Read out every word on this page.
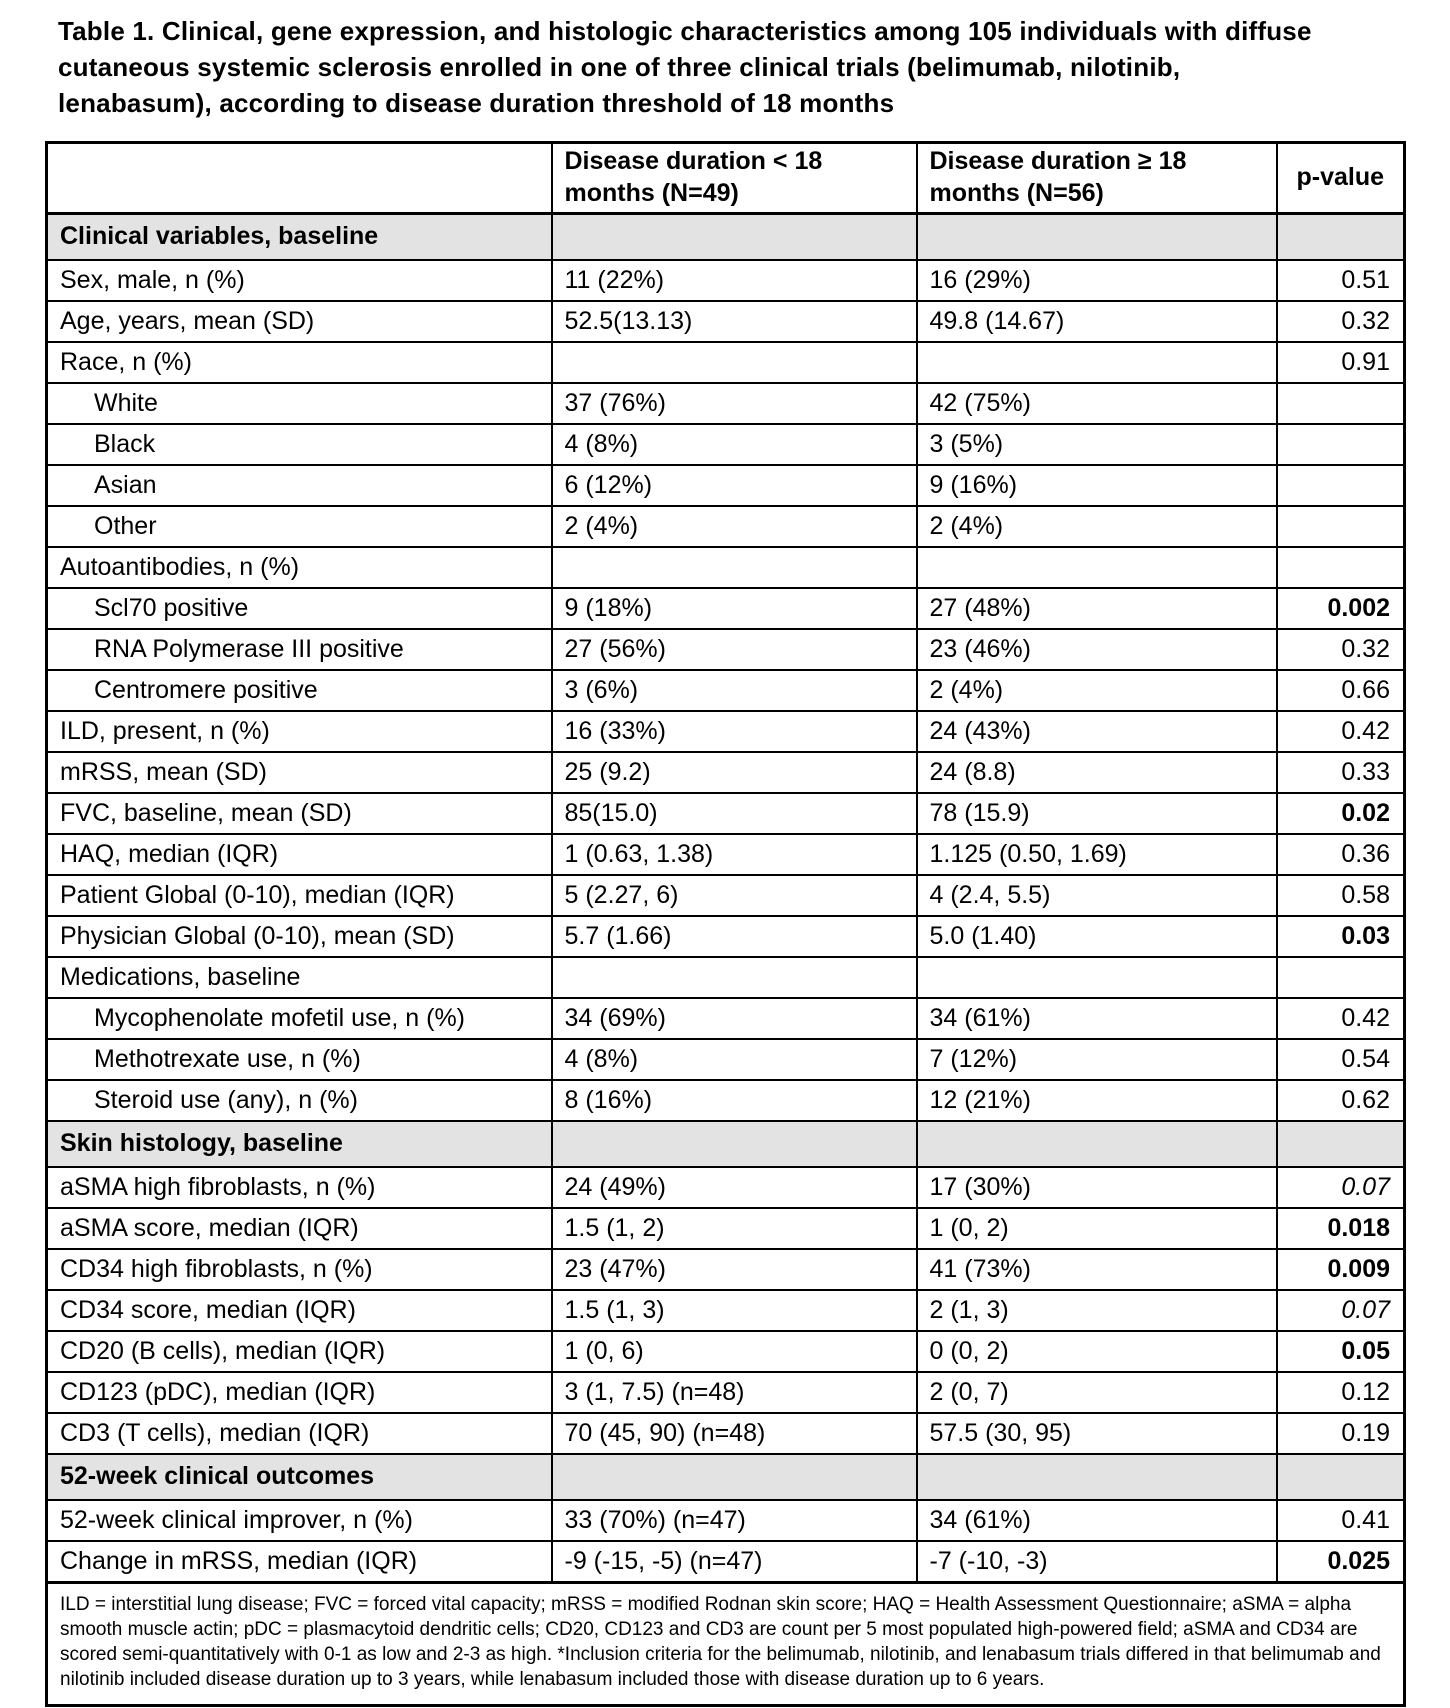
Table 1. Clinical, gene expression, and histologic characteristics among 105 individuals with diffuse cutaneous systemic sclerosis enrolled in one of three clinical trials (belimumab, nilotinib, lenabasum), according to disease duration threshold of 18 months
	Disease duration < 18 months (N=49)	Disease duration ≥ 18 months (N=56)	p-value
Clinical variables, baseline			
Sex, male, n (%)	11 (22%)	16 (29%)	0.51
Age, years, mean (SD)	52.5(13.13)	49.8 (14.67)	0.32
Race, n (%)			0.91
White	37 (76%)	42 (75%)	
Black	4 (8%)	3 (5%)	
Asian	6 (12%)	9 (16%)	
Other	2 (4%)	2 (4%)	
Autoantibodies, n (%)			
Scl70 positive	9 (18%)	27 (48%)	0.002
RNA Polymerase III positive	27 (56%)	23 (46%)	0.32
Centromere positive	3 (6%)	2 (4%)	0.66
ILD, present, n (%)	16 (33%)	24 (43%)	0.42
mRSS, mean (SD)	25 (9.2)	24 (8.8)	0.33
FVC, baseline, mean (SD)	85(15.0)	78 (15.9)	0.02
HAQ, median (IQR)	1 (0.63, 1.38)	1.125 (0.50, 1.69)	0.36
Patient Global (0-10), median (IQR)	5 (2.27, 6)	4 (2.4, 5.5)	0.58
Physician Global (0-10), mean (SD)	5.7 (1.66)	5.0 (1.40)	0.03
Medications, baseline			
Mycophenolate mofetil use, n (%)	34 (69%)	34 (61%)	0.42
Methotrexate use, n (%)	4 (8%)	7 (12%)	0.54
Steroid use (any), n (%)	8 (16%)	12 (21%)	0.62
Skin histology, baseline			
aSMA high fibroblasts, n (%)	24 (49%)	17 (30%)	0.07
aSMA score, median (IQR)	1.5 (1, 2)	1 (0, 2)	0.018
CD34 high fibroblasts, n (%)	23 (47%)	41 (73%)	0.009
CD34 score, median (IQR)	1.5 (1, 3)	2 (1, 3)	0.07
CD20 (B cells), median (IQR)	1 (0, 6)	0 (0, 2)	0.05
CD123 (pDC), median (IQR)	3 (1, 7.5) (n=48)	2 (0, 7)	0.12
CD3 (T cells), median (IQR)	70 (45, 90) (n=48)	57.5 (30, 95)	0.19
52-week clinical outcomes			
52-week clinical improver, n (%)	33 (70%) (n=47)	34 (61%)	0.41
Change in mRSS, median (IQR)	-9 (-15, -5) (n=47)	-7 (-10, -3)	0.025
ILD = interstitial lung disease; FVC = forced vital capacity; mRSS = modified Rodnan skin score; HAQ = Health Assessment Questionnaire; aSMA = alpha smooth muscle actin; pDC = plasmacytoid dendritic cells; CD20, CD123 and CD3 are count per 5 most populated high-powered field; aSMA and CD34 are scored semi-quantitatively with 0-1 as low and 2-3 as high. *Inclusion criteria for the belimumab, nilotinib, and lenabasum trials differed in that belimumab and nilotinib included disease duration up to 3 years, while lenabasum included those with disease duration up to 6 years.			
